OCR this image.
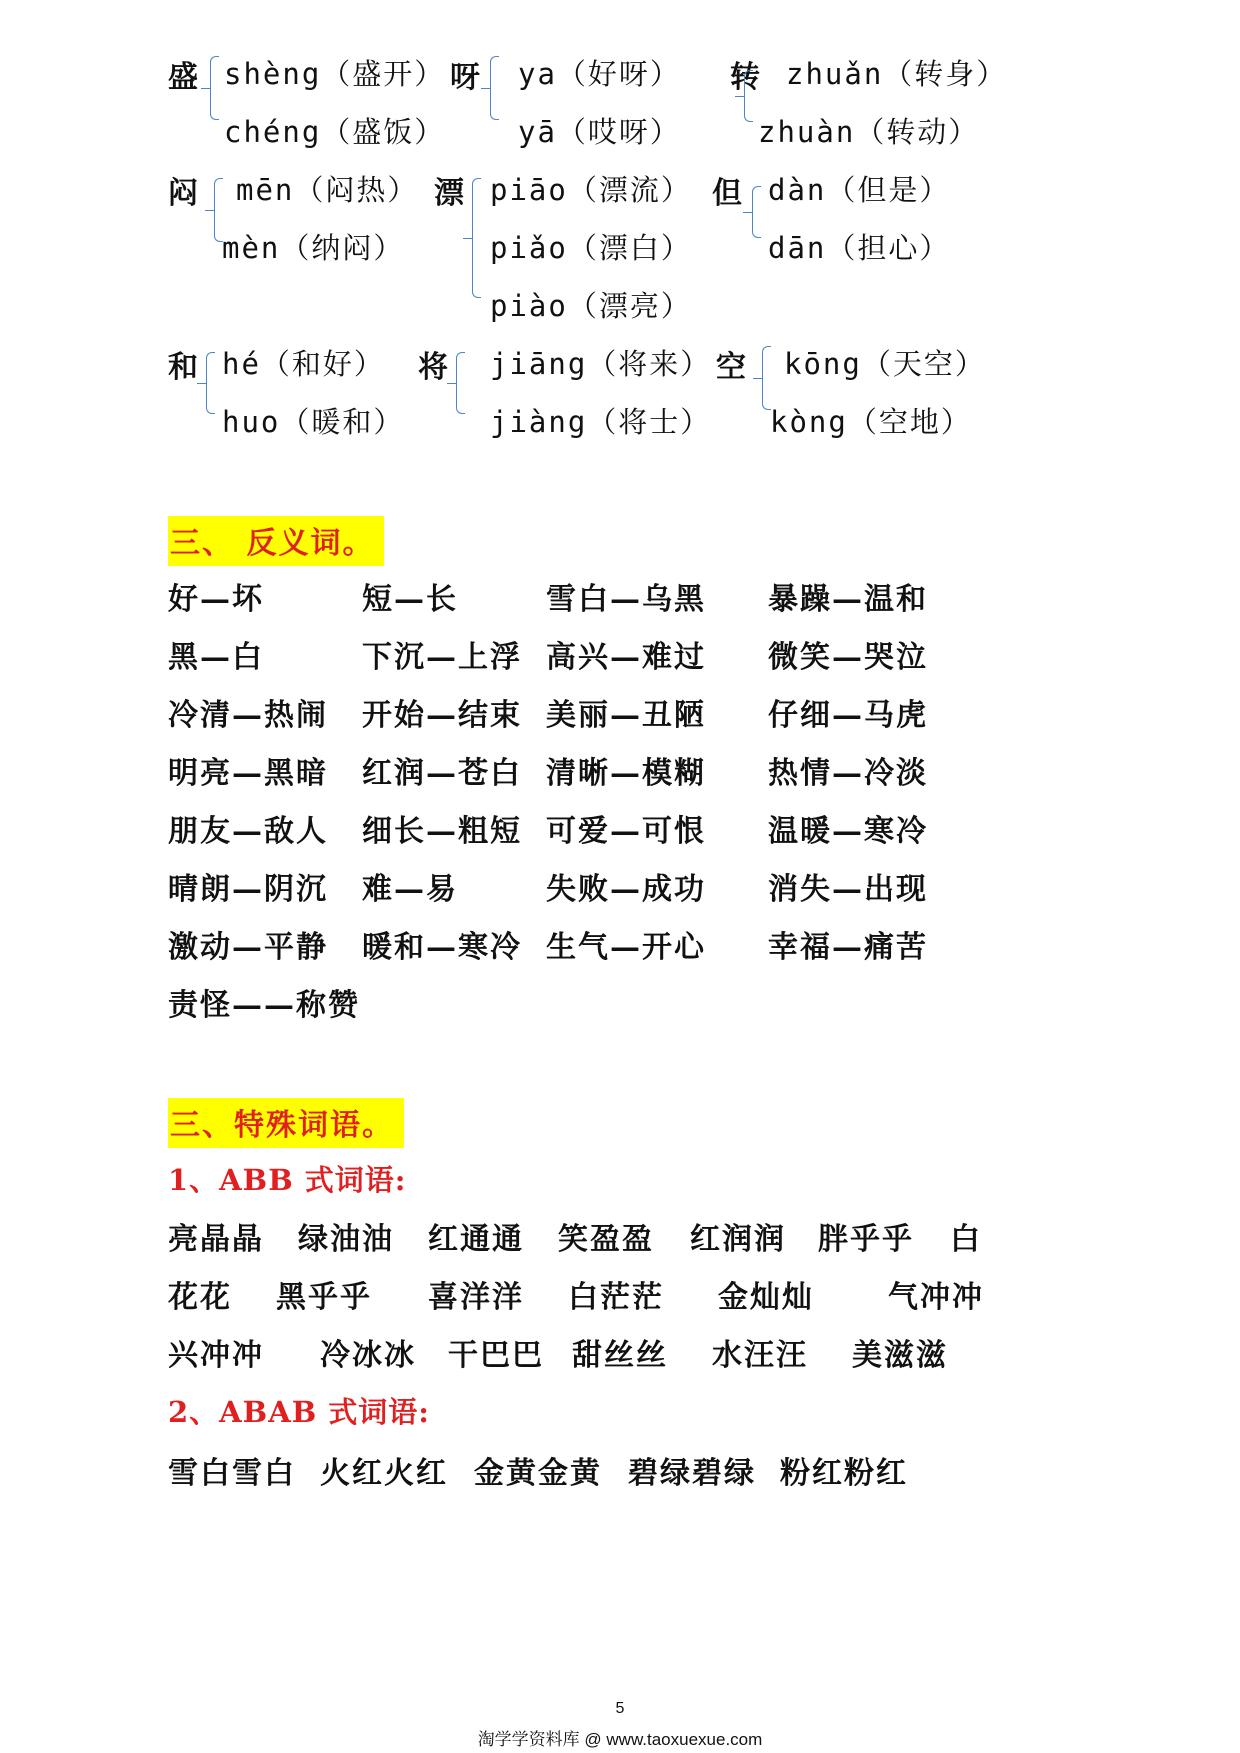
盛 shèng（盛开）
chéng（盛饭）
呀 ya（好呀）
yā（哎呀）
转 zhuǎn（转身）
zhuàn（转动）
闷 mēn（闷热）
mèn（纳闷）
漂 piāo（漂流）
piǎo（漂白）
piào（漂亮）
但 dàn（但是）
dān（担心）
和 hé（和好）
huo（暖和）
将 jiāng（将来）
jiàng（将士）
空 kōng（天空）
kòng（空地）
三、 反义词。
好—坏	短—长	雪白—乌黑 暴躁—温和
黑—白	下沉—上浮 高兴—难过 微笑—哭泣
冷清—热闹 开始—结束 美丽—丑陋 仔细—马虎
明亮—黑暗 红润—苍白 清晰—模糊 热情—冷淡
朋友—敌人 细长—粗短 可爱—可恨 温暖—寒冷
晴朗—阴沉 难—易	失败—成功 消失—出现
激动—平静 暖和—寒冷 生气—开心 幸福—痛苦
责怪——称赞
三、特殊词语。
1、ABB 式词语:
亮晶晶 绿油油 红通通 笑盈盈 红润润 胖乎乎 白
花花 黑乎乎 喜洋洋 白茫茫 金灿灿 气冲冲
兴冲冲 冷冰冰 干巴巴 甜丝丝 水汪汪 美滋滋
2、ABAB 式词语:
雪白雪白 火红火红 金黄金黄 碧绿碧绿 粉红粉红
5
淘学学资料库 @ www.taoxuexue.com
